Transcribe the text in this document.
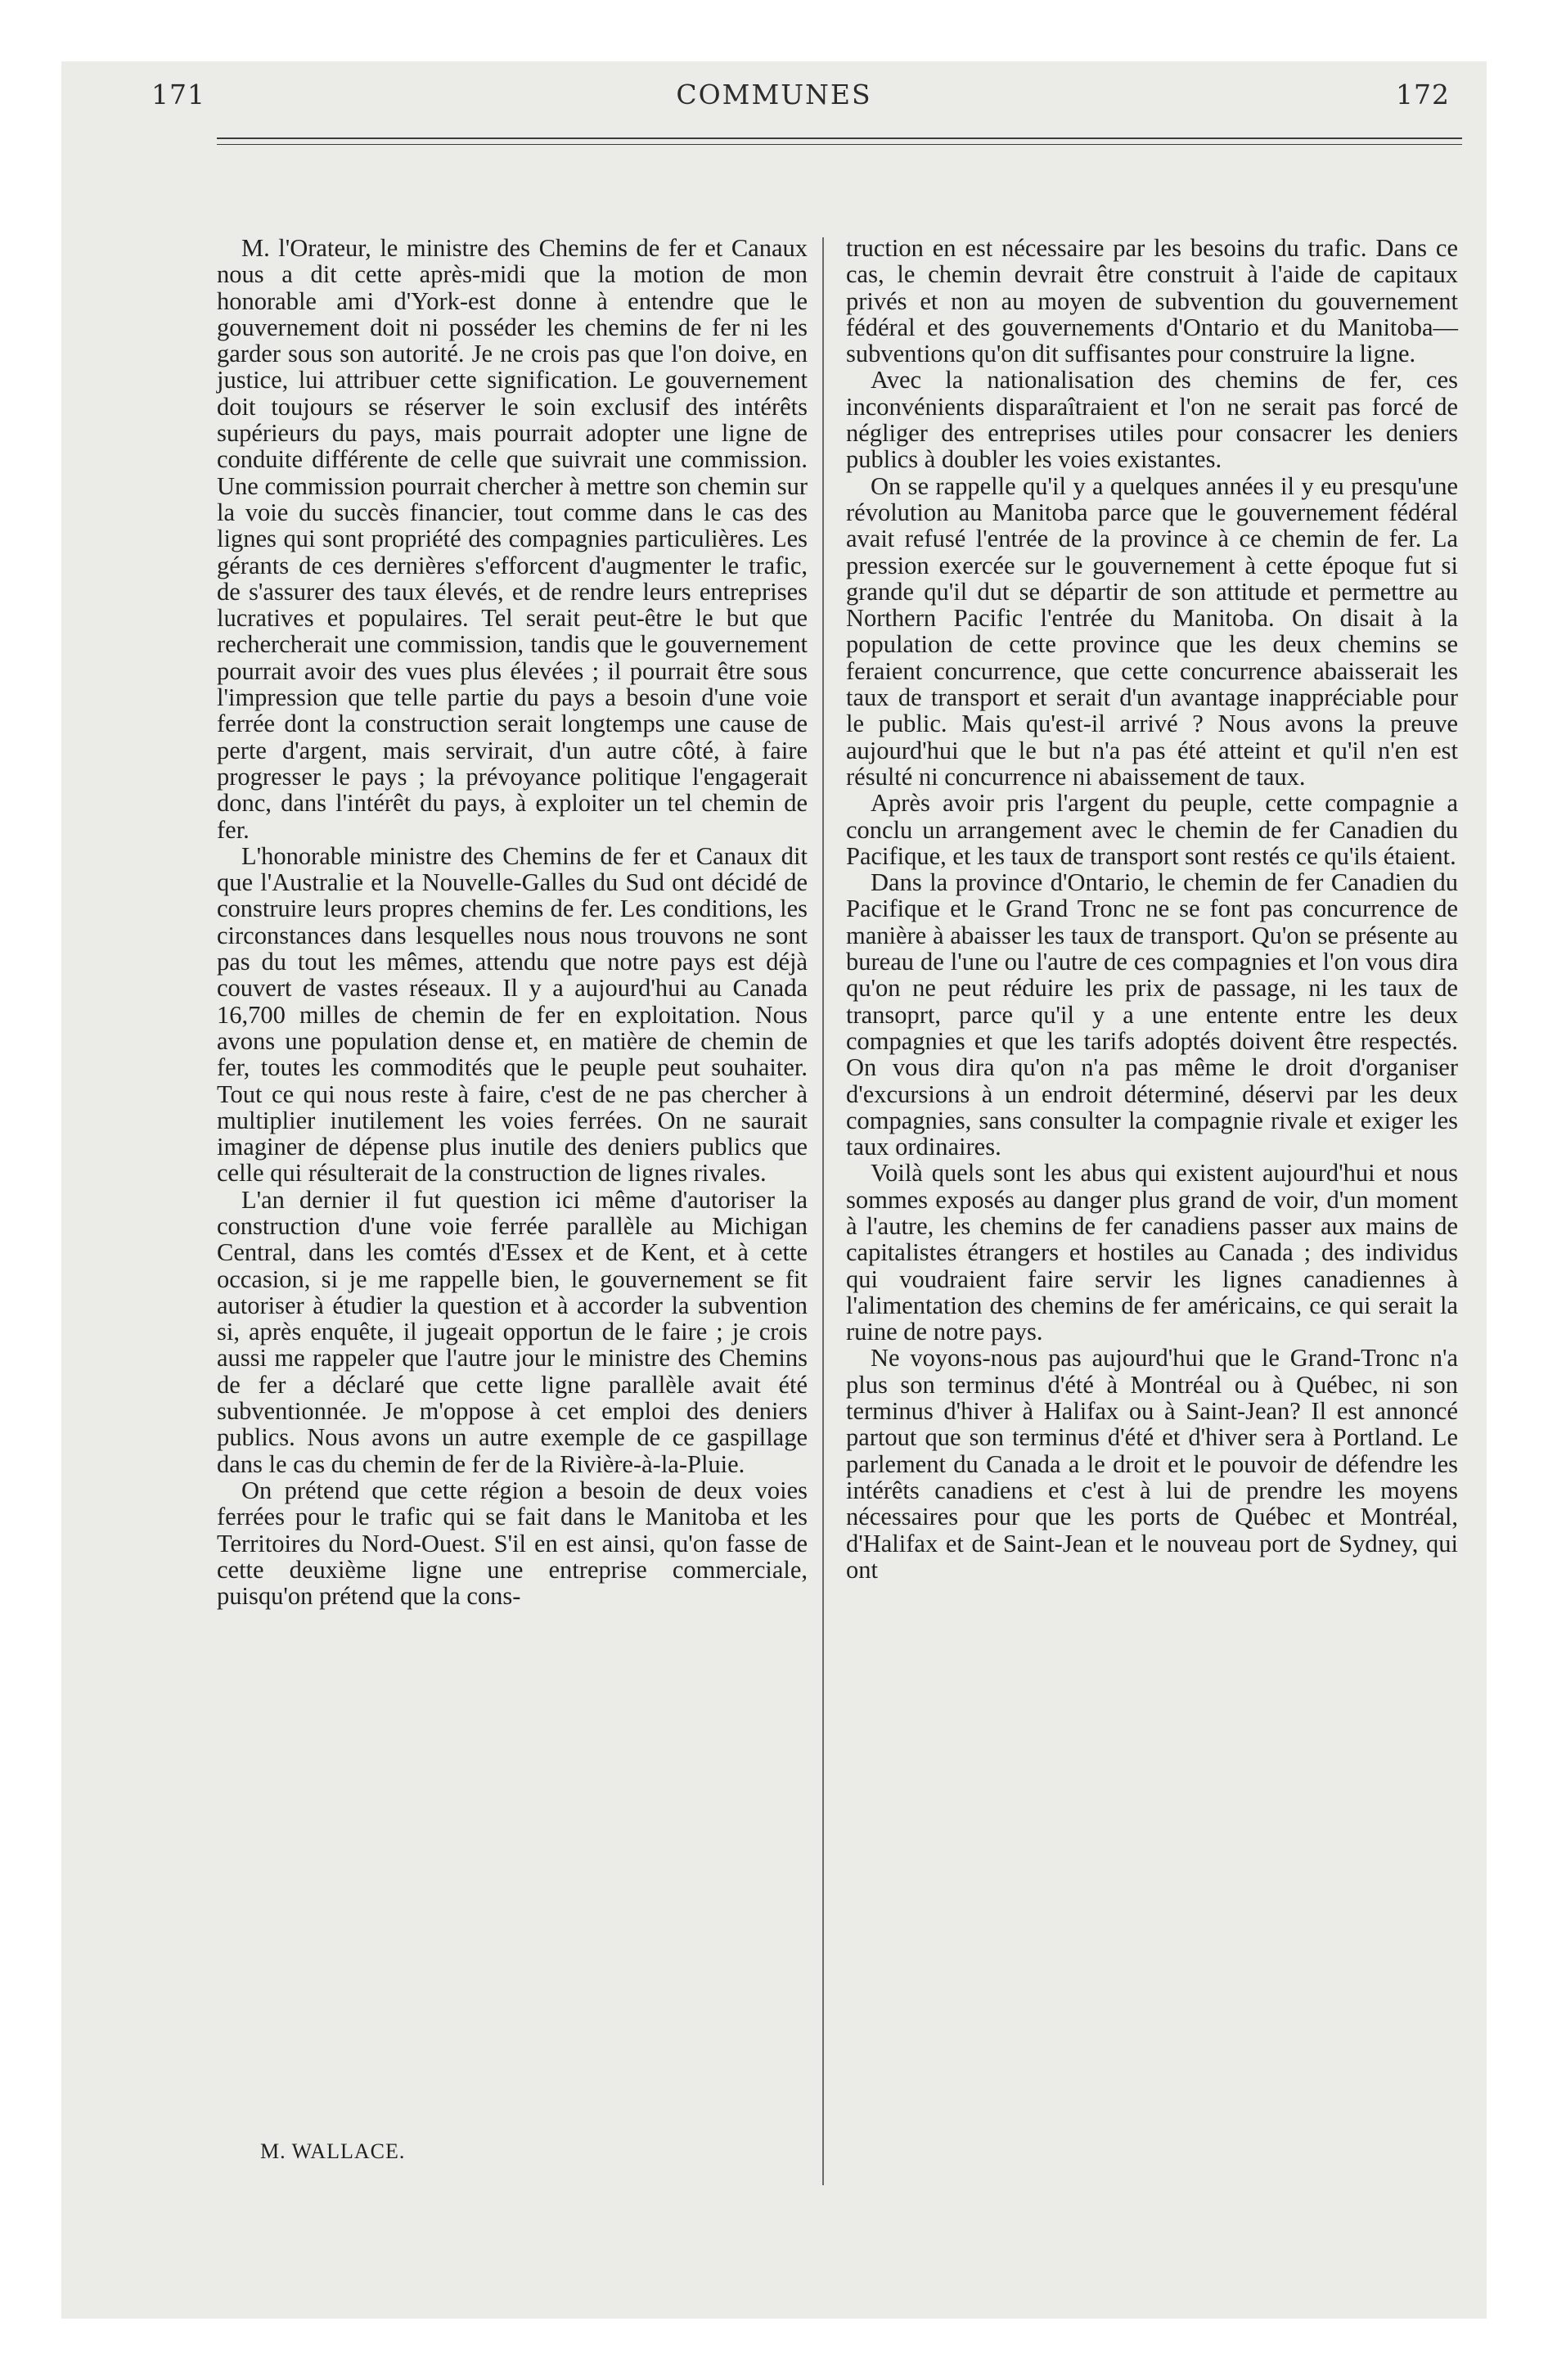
171	COMMUNES	172

M. l'Orateur, le ministre des Chemins de fer et Canaux nous a dit cette après-midi que la motion de mon honorable ami d'York-est donne à entendre que le gouvernement doit ni posséder les chemins de fer ni les garder sous son autorité. Je ne crois pas que l'on doive, en justice, lui attribuer cette signification. Le gouvernement doit toujours se réserver le soin exclusif des intérêts supérieurs du pays, mais pourrait adopter une ligne de conduite différente de celle que suivrait une commission. Une commission pourrait chercher à mettre son chemin sur la voie du succès financier, tout comme dans le cas des lignes qui sont propriété des compagnies particulières. Les gérants de ces dernières s'efforcent d'augmenter le trafic, de s'assurer des taux élevés, et de rendre leurs entreprises lucratives et populaires. Tel serait peut-être le but que rechercherait une commission, tandis que le gouvernement pourrait avoir des vues plus élevées ; il pourrait être sous l'impression que telle partie du pays a besoin d'une voie ferrée dont la construction serait longtemps une cause de perte d'argent, mais servirait, d'un autre côté, à faire progresser le pays ; la prévoyance politique l'engagerait donc, dans l'intérêt du pays, à exploiter un tel chemin de fer.

L'honorable ministre des Chemins de fer et Canaux dit que l'Australie et la Nouvelle-Galles du Sud ont décidé de construire leurs propres chemins de fer. Les conditions, les circonstances dans lesquelles nous nous trouvons ne sont pas du tout les mêmes, attendu que notre pays est déjà couvert de vastes réseaux. Il y a aujourd'hui au Canada 16,700 milles de chemin de fer en exploitation. Nous avons une population dense et, en matière de chemin de fer, toutes les commodités que le peuple peut souhaiter. Tout ce qui nous reste à faire, c'est de ne pas chercher à multiplier inutilement les voies ferrées. On ne saurait imaginer de dépense plus inutile des deniers publics que celle qui résulterait de la construction de lignes rivales.

L'an dernier il fut question ici même d'autoriser la construction d'une voie ferrée parallèle au Michigan Central, dans les comtés d'Essex et de Kent, et à cette occasion, si je me rappelle bien, le gouvernement se fit autoriser à étudier la question et à accorder la subvention si, après enquête, il jugeait opportun de le faire ; je crois aussi me rappeler que l'autre jour le ministre des Chemins de fer a déclaré que cette ligne parallèle avait été subventionnée. Je m'oppose à cet emploi des deniers publics. Nous avons un autre exemple de ce gaspillage dans le cas du chemin de fer de la Rivière-à-la-Pluie.

On prétend que cette région a besoin de deux voies ferrées pour le trafic qui se fait dans le Manitoba et les Territoires du Nord-Ouest. S'il en est ainsi, qu'on fasse de cette deuxième ligne une entreprise commerciale, puisqu'on prétend que la cons-

truction en est nécessaire par les besoins du trafic. Dans ce cas, le chemin devrait être construit à l'aide de capitaux privés et non au moyen de subvention du gouvernement fédéral et des gouvernements d'Ontario et du Manitoba—subventions qu'on dit suffisantes pour construire la ligne.

Avec la nationalisation des chemins de fer, ces inconvénients disparaîtraient et l'on ne serait pas forcé de négliger des entreprises utiles pour consacrer les deniers publics à doubler les voies existantes.

On se rappelle qu'il y a quelques années il y eu presqu'une révolution au Manitoba parce que le gouvernement fédéral avait refusé l'entrée de la province à ce chemin de fer. La pression exercée sur le gouvernement à cette époque fut si grande qu'il dut se départir de son attitude et permettre au Northern Pacific l'entrée du Manitoba. On disait à la population de cette province que les deux chemins se feraient concurrence, que cette concurrence abaisserait les taux de transport et serait d'un avantage inappréciable pour le public. Mais qu'est-il arrivé ? Nous avons la preuve aujourd'hui que le but n'a pas été atteint et qu'il n'en est résulté ni concurrence ni abaissement de taux.

Après avoir pris l'argent du peuple, cette compagnie a conclu un arrangement avec le chemin de fer Canadien du Pacifique, et les taux de transport sont restés ce qu'ils étaient.

Dans la province d'Ontario, le chemin de fer Canadien du Pacifique et le Grand Tronc ne se font pas concurrence de manière à abaisser les taux de transport. Qu'on se présente au bureau de l'une ou l'autre de ces compagnies et l'on vous dira qu'on ne peut réduire les prix de passage, ni les taux de transoprt, parce qu'il y a une entente entre les deux compagnies et que les tarifs adoptés doivent être respectés. On vous dira qu'on n'a pas même le droit d'organiser d'excursions à un endroit déterminé, déservi par les deux compagnies, sans consulter la compagnie rivale et exiger les taux ordinaires.

Voilà quels sont les abus qui existent aujourd'hui et nous sommes exposés au danger plus grand de voir, d'un moment à l'autre, les chemins de fer canadiens passer aux mains de capitalistes étrangers et hostiles au Canada ; des individus qui voudraient faire servir les lignes canadiennes à l'alimentation des chemins de fer américains, ce qui serait la ruine de notre pays.

Ne voyons-nous pas aujourd'hui que le Grand-Tronc n'a plus son terminus d'été à Montréal ou à Québec, ni son terminus d'hiver à Halifax ou à Saint-Jean? Il est annoncé partout que son terminus d'été et d'hiver sera à Portland. Le parlement du Canada a le droit et le pouvoir de défendre les intérêts canadiens et c'est à lui de prendre les moyens nécessaires pour que les ports de Québec et Montréal, d'Halifax et de Saint-Jean et le nouveau port de Sydney, qui ont

M. WALLACE.
